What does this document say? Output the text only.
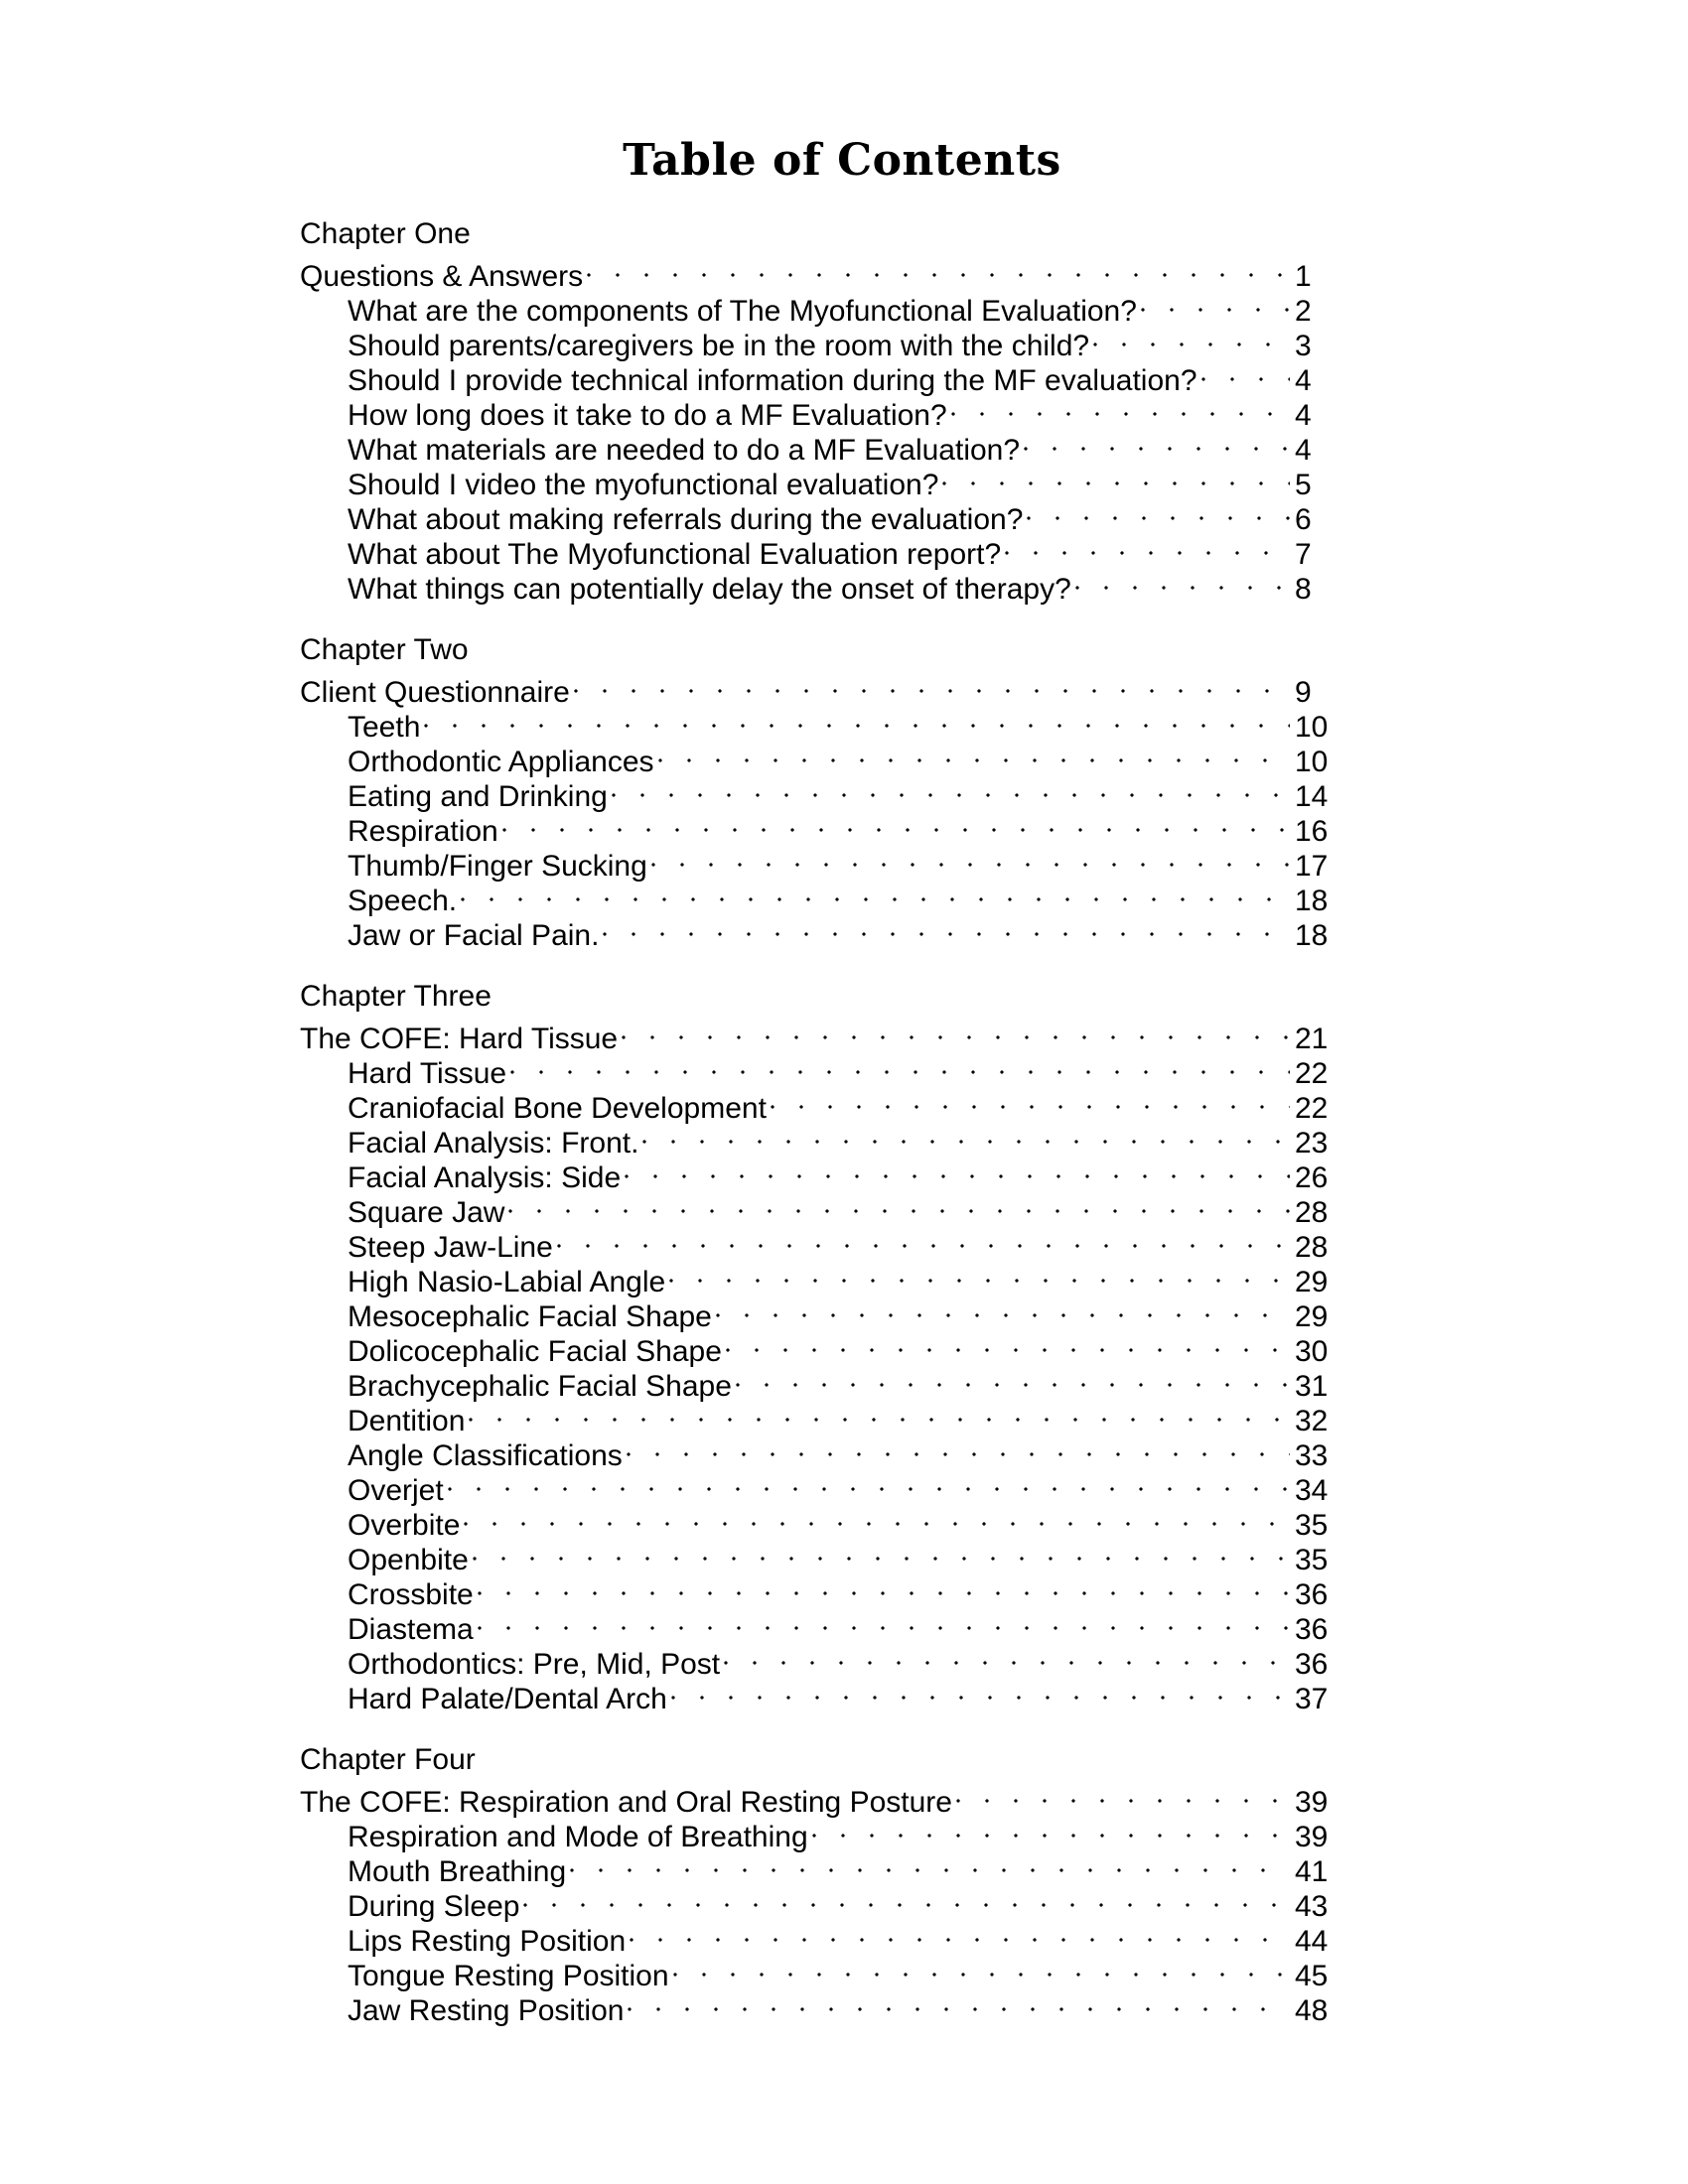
Table of Contents
Chapter One
Questions & Answers	1
What are the components of The Myofunctional Evaluation?	2
Should parents/caregivers be in the room with the child?	3
Should I provide technical information during the MF evaluation?	4
How long does it take to do a MF Evaluation?	4
What materials are needed to do a MF Evaluation?	4
Should I video the myofunctional evaluation?	5
What about making referrals during the evaluation?	6
What about The Myofunctional Evaluation report?	7
What things can potentially delay the onset of therapy?	8
Chapter Two
Client Questionnaire	9
Teeth	10
Orthodontic Appliances	10
Eating and Drinking	14
Respiration	16
Thumb/Finger Sucking	17
Speech.	18
Jaw or Facial Pain.	18
Chapter Three
The COFE: Hard Tissue	21
Hard Tissue	22
Craniofacial Bone Development	22
Facial Analysis: Front.	23
Facial Analysis: Side	26
Square Jaw	28
Steep Jaw-Line	28
High Nasio-Labial Angle	29
Mesocephalic Facial Shape	29
Dolicocephalic Facial Shape	30
Brachycephalic Facial Shape	31
Dentition	32
Angle Classifications	33
Overjet	34
Overbite	35
Openbite	35
Crossbite	36
Diastema	36
Orthodontics: Pre, Mid, Post	36
Hard Palate/Dental Arch	37
Chapter Four
The COFE: Respiration and Oral Resting Posture	39
Respiration and Mode of Breathing	39
Mouth Breathing	41
During Sleep	43
Lips Resting Position	44
Tongue Resting Position	45
Jaw Resting Position	48
